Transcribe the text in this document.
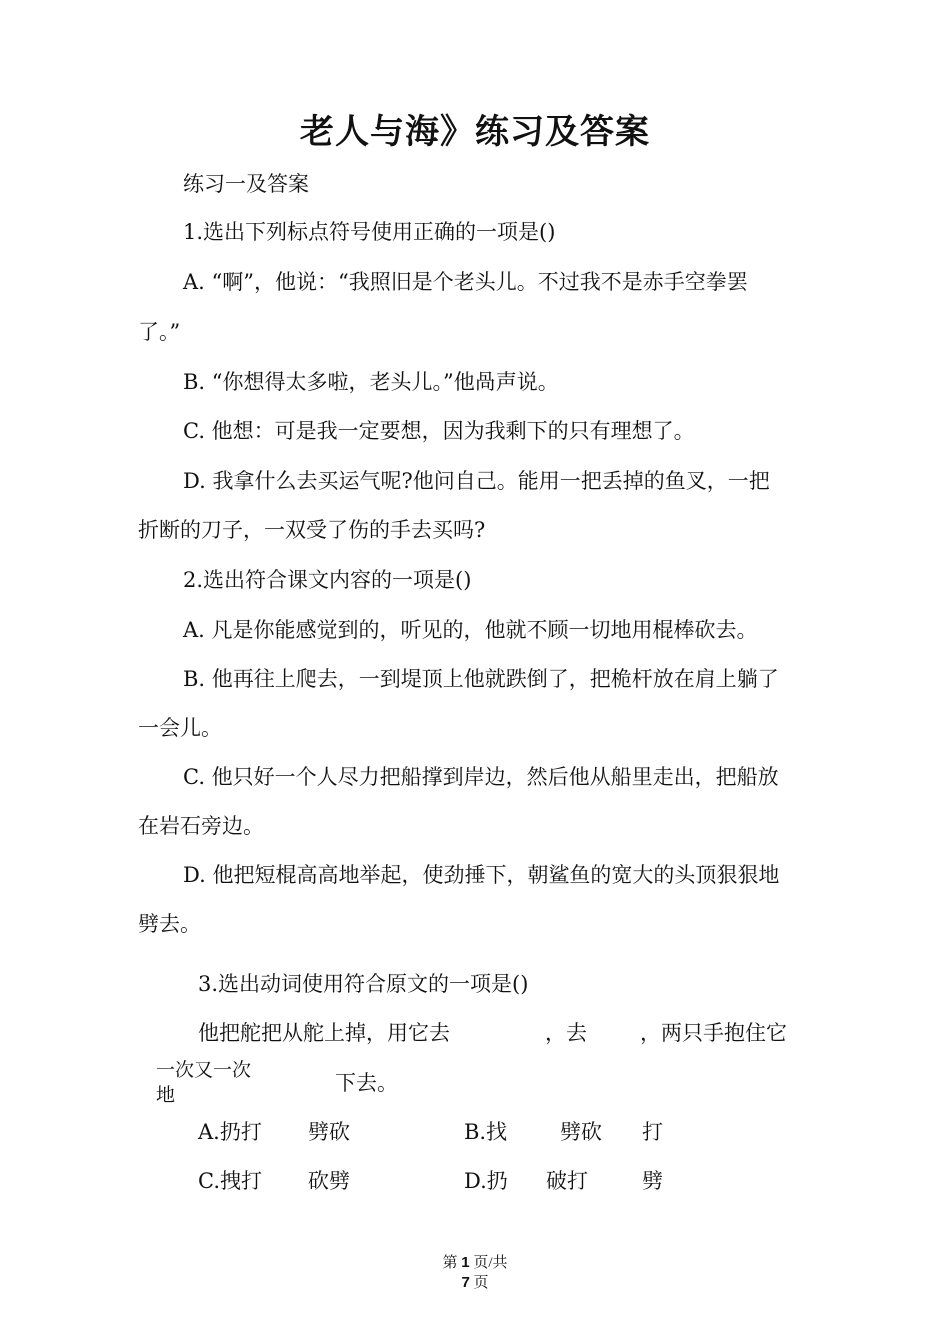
老人与海》练习及答案

练习一及答案

1.选出下列标点符号使用正确的一项是()

A. “啊”，他说：“我照旧是个老头儿。不过我不是赤手空拳罢

了。”

B. “你想得太多啦，老头儿。”他咼声说。

C. 他想：可是我一定要想，因为我剩下的只有理想了。

D. 我拿什么去买运气呢?他问自己。能用一把丢掉的鱼叉，一把

折断的刀子，一双受了伤的手去买吗?

2.选出符合课文内容的一项是()

A. 凡是你能感觉到的，听见的，他就不顾一切地用棍棒砍去。

B. 他再往上爬去，一到堤顶上他就跌倒了，把桅杆放在肩上躺了

一会儿。

C. 他只好一个人尽力把船撑到岸边，然后他从船里走出，把船放

在岩石旁边。

D. 他把短棍高高地举起，使劲捶下，朝鲨鱼的宽大的头顶狠狠地

劈去。

3.选出动词使用符合原文的一项是()

他把舵把从舵上掉，用它去	，去	，两只手抱住它

一次又一次

地	下去。

A.扔打 劈砍	B.找	劈砍 打

C.拽打 砍劈	D.扔 破打	劈

第 1 页/共
7 页
